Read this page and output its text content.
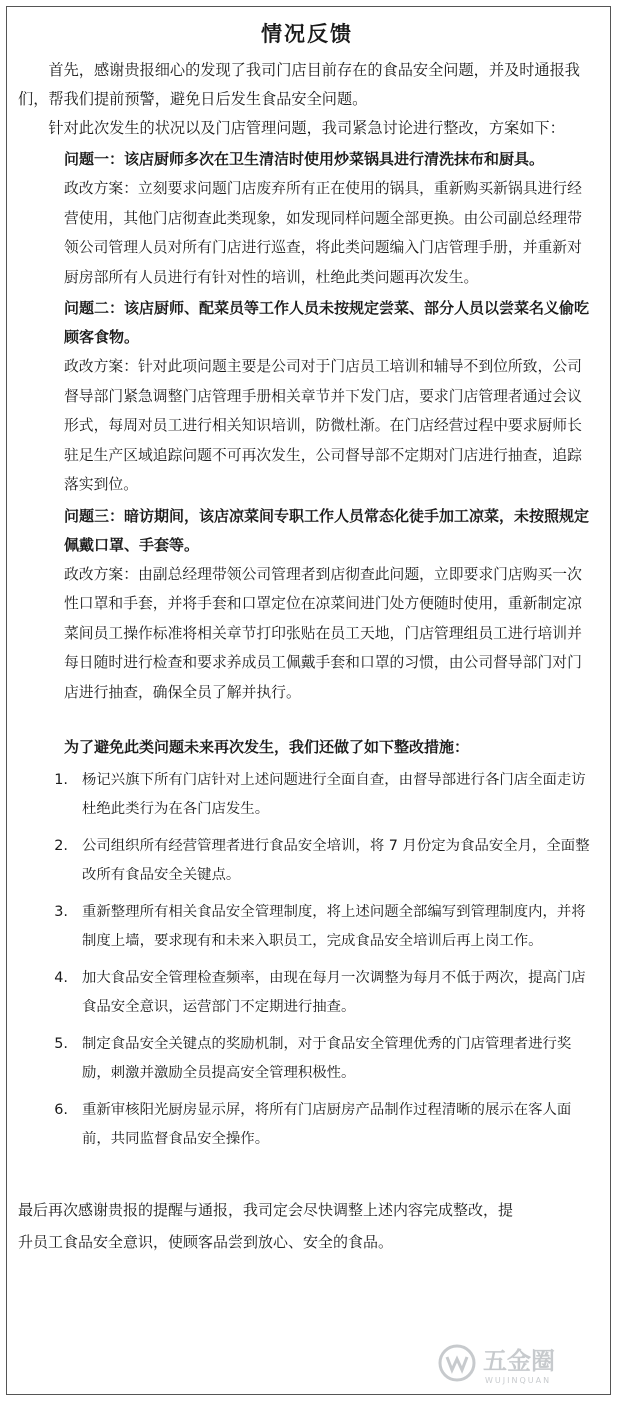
情况反馈

首先，感谢贵报细心的发现了我司门店目前存在的食品安全问题，并及时通报我们，帮我们提前预警，避免日后发生食品安全问题。

针对此次发生的状况以及门店管理问题，我司紧急讨论进行整改，方案如下：

问题一：该店厨师多次在卫生清洁时使用炒菜锅具进行清洗抹布和厨具。

政改方案：立刻要求问题门店废弃所有正在使用的锅具，重新购买新锅具进行经营使用，其他门店彻查此类现象，如发现同样问题全部更换。由公司副总经理带领公司管理人员对所有门店进行巡查，将此类问题编入门店管理手册，并重新对厨房部所有人员进行有针对性的培训，杜绝此类问题再次发生。

问题二：该店厨师、配菜员等工作人员未按规定尝菜、部分人员以尝菜名义偷吃顾客食物。

政改方案：针对此项问题主要是公司对于门店员工培训和辅导不到位所致，公司督导部门紧急调整门店管理手册相关章节并下发门店，要求门店管理者通过会议形式，每周对员工进行相关知识培训，防微杜渐。在门店经营过程中要求厨师长驻足生产区域追踪问题不可再次发生，公司督导部不定期对门店进行抽查，追踪落实到位。

问题三：暗访期间，该店凉菜间专职工作人员常态化徒手加工凉菜，未按照规定佩戴口罩、手套等。

政改方案：由副总经理带领公司管理者到店彻查此问题，立即要求门店购买一次性口罩和手套，并将手套和口罩定位在凉菜间进门处方便随时使用，重新制定凉菜间员工操作标准将相关章节打印张贴在员工天地，门店管理组员工进行培训并每日随时进行检查和要求养成员工佩戴手套和口罩的习惯，由公司督导部门对门店进行抽查，确保全员了解并执行。

为了避免此类问题未来再次发生，我们还做了如下整改措施：
1. 杨记兴旗下所有门店针对上述问题进行全面自查，由督导部进行各门店全面走访杜绝此类行为在各门店发生。
2. 公司组织所有经营管理者进行食品安全培训，将 7 月份定为食品安全月，全面整改所有食品安全关键点。
3. 重新整理所有相关食品安全管理制度，将上述问题全部编写到管理制度内，并将制度上墙，要求现有和未来入职员工，完成食品安全培训后再上岗工作。
4. 加大食品安全管理检查频率，由现在每月一次调整为每月不低于两次，提高门店食品安全意识，运营部门不定期进行抽查。
5. 制定食品安全关键点的奖励机制，对于食品安全管理优秀的门店管理者进行奖励，刺激并激励全员提高安全管理积极性。
6. 重新审核阳光厨房显示屏，将所有门店厨房产品制作过程清晰的展示在客人面前，共同监督食品安全操作。

最后再次感谢贵报的提醒与通报，我司定会尽快调整上述内容完成整改，提升员工食品安全意识，使顾客品尝到放心、安全的食品。

五金圈
WUJINQUAN
